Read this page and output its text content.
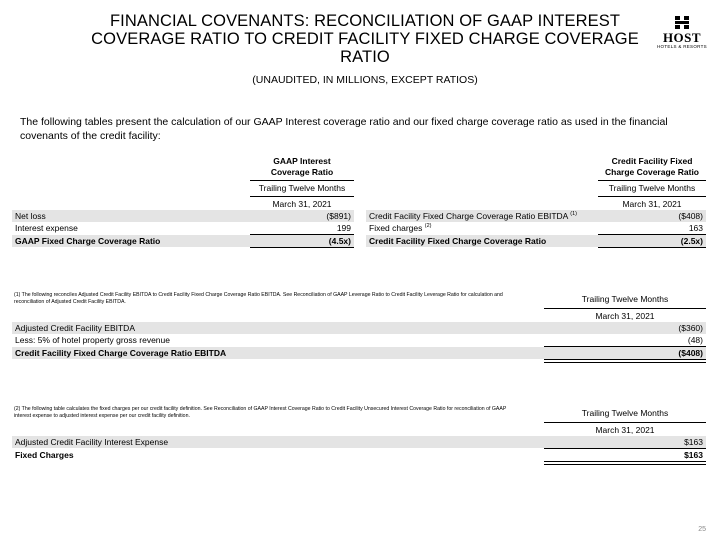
FINANCIAL COVENANTS: RECONCILIATION OF GAAP INTEREST COVERAGE RATIO TO CREDIT FACILITY FIXED CHARGE COVERAGE RATIO
(UNAUDITED, IN MILLIONS, EXCEPT RATIOS)
HOST
HOTELS & RESORTS
The following tables present the calculation of our GAAP Interest coverage ratio and our fixed charge coverage ratio as used in the financial covenants of the credit facility:
GAAP Interest
Coverage Ratio
Trailing Twelve Months
March 31, 2021
Credit Facility Fixed
Charge Coverage Ratio
Trailing Twelve Months
March 31, 2021
Net loss	($891)
Interest expense	199
GAAP Fixed Charge Coverage Ratio	(4.5x)
Credit Facility Fixed Charge Coverage Ratio EBITDA $^{(1)}$	($408)
Fixed charges $^{(2)}$	163
Credit Facility Fixed Charge Coverage Ratio	(2.5x)
(1) The following reconciles Adjusted Credit Facility EBITDA to Credit Facility Fixed Charge Coverage Ratio EBITDA. See Reconciliation of GAAP Leverage Ratio to Credit Facility Leverage Ratio for calculation and reconciliation of Adjusted Credit Facility EBITDA.	Trailing Twelve Months
March 31, 2021
Adjusted Credit Facility EBITDA	($360)
Less: 5% of hotel property gross revenue	(48)
Credit Facility Fixed Charge Coverage Ratio EBITDA	($408)
(2) The following table calculates the fixed charges per our credit facility definition. See Reconciliation of GAAP Interest Coverage Ratio to Credit Facility Unsecured Interest Coverage Ratio for reconciliation of GAAP interest expense to adjusted interest expense per our credit facility definition.	Trailing Twelve Months
March 31, 2021
Adjusted Credit Facility Interest Expense	$163
Fixed Charges	$163
25
